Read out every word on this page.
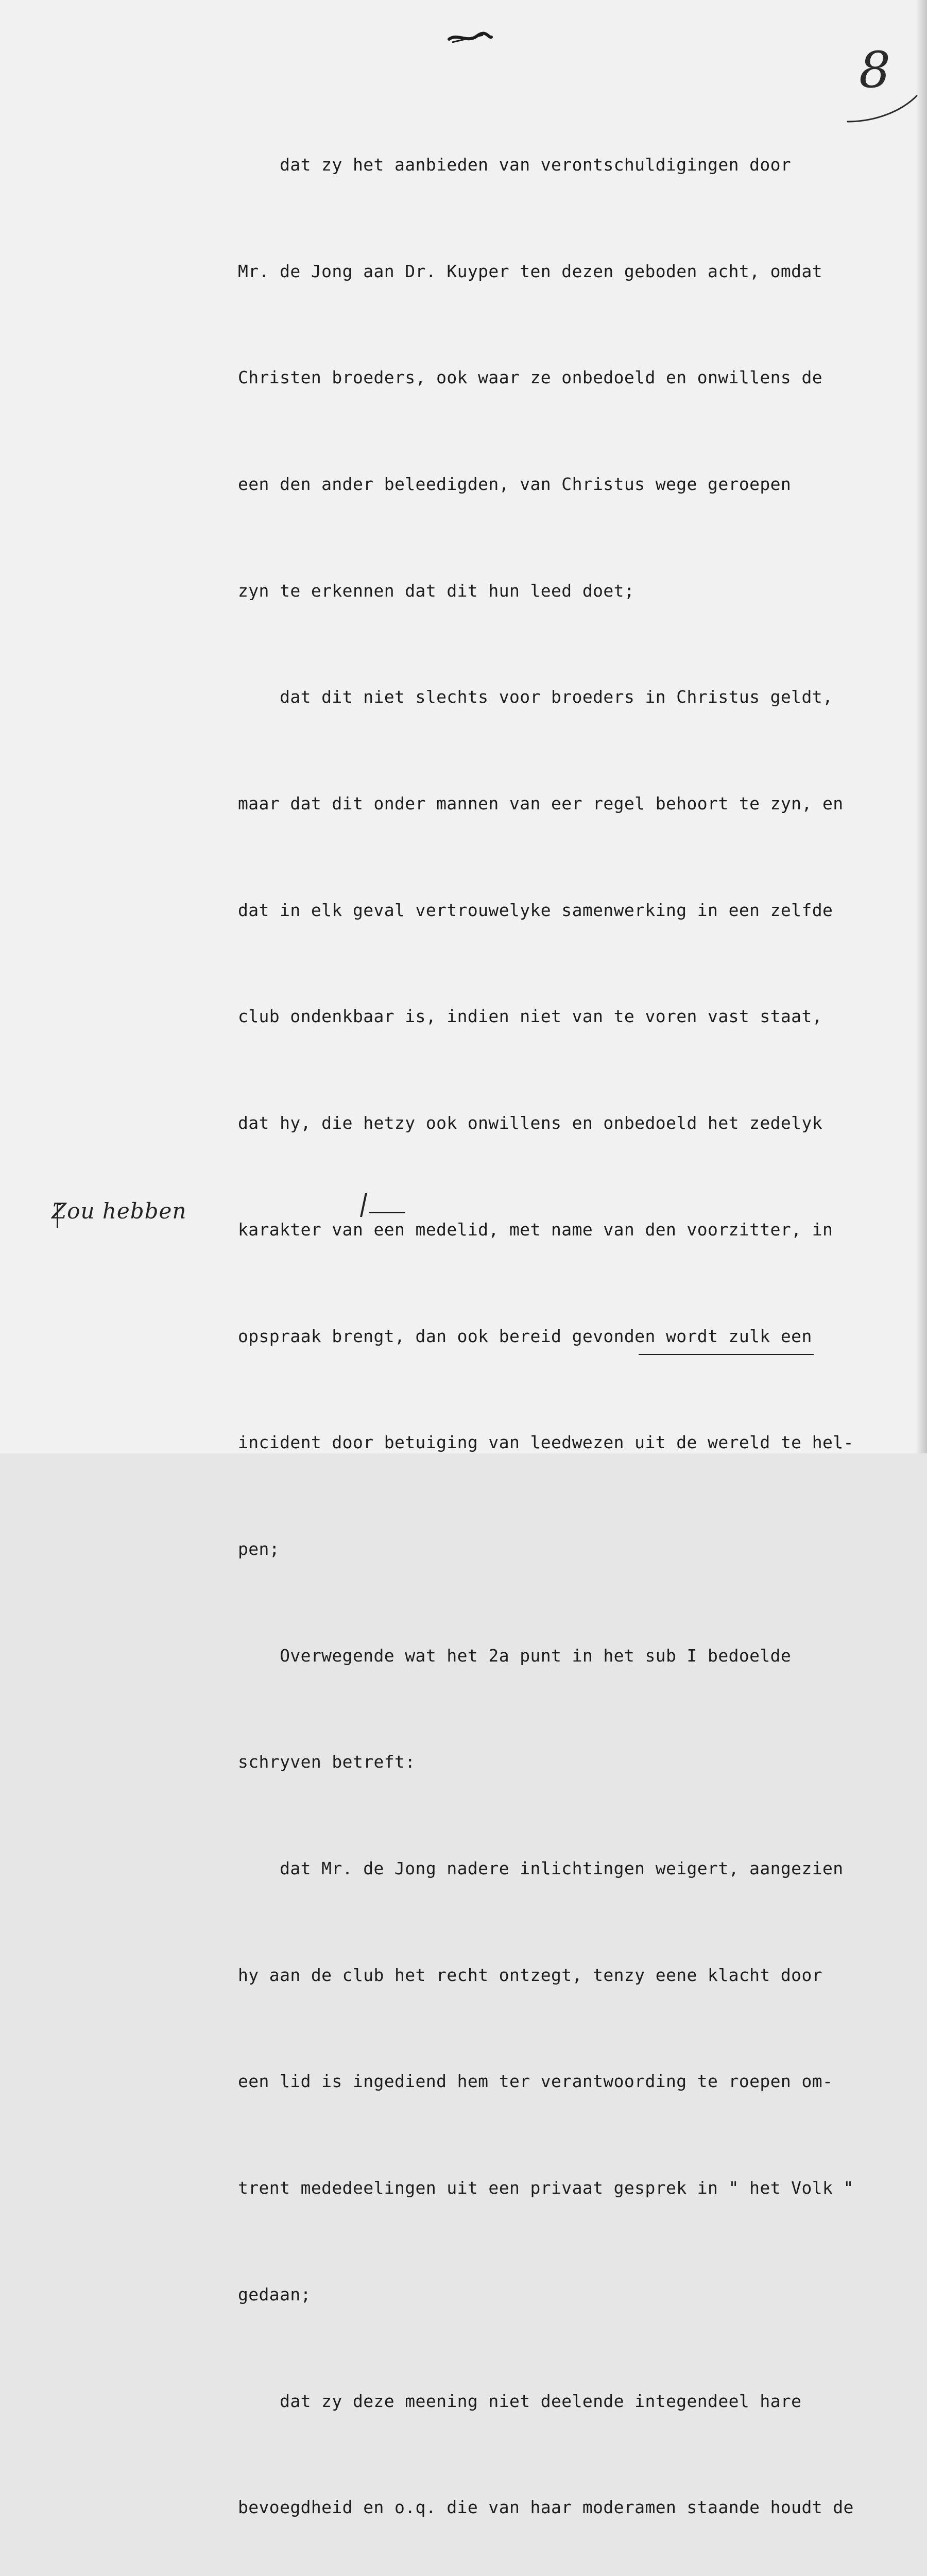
8

dat zy het aanbieden van verontschuldigingen door

Mr. de Jong aan Dr. Kuyper ten dezen geboden acht, omdat

Christen broeders, ook waar ze onbedoeld en onwillens de

een den ander beleedigden, van Christus wege geroepen

zyn te erkennen dat dit hun leed doet;

dat dit niet slechts voor broeders in Christus geldt,

maar dat dit onder mannen van eer regel behoort te zyn, en

dat in elk geval vertrouwelyke samenwerking in een zelfde

club ondenkbaar is, indien niet van te voren vast staat,

dat hy, die hetzy ook onwillens en onbedoeld het zedelyk

karakter van een medelid, met name van den voorzitter, in

opspraak brengt, dan ook bereid gevonden wordt zulk een

incident door betuiging van leedwezen uit de wereld te hel-

pen;

Overwegende wat het 2a punt in het sub I bedoelde

schryven betreft:

dat Mr. de Jong nadere inlichtingen weigert, aangezien

hy aan de club het recht ontzegt, tenzy eene klacht door

een lid is ingediend hem ter verantwoording te roepen om-

trent mededeelingen uit een privaat gesprek in " het Volk "

gedaan;

dat zy deze meening niet deelende integendeel hare

bevoegdheid en o.q. die van haar moderamen staande houdt de

Zou hebben
